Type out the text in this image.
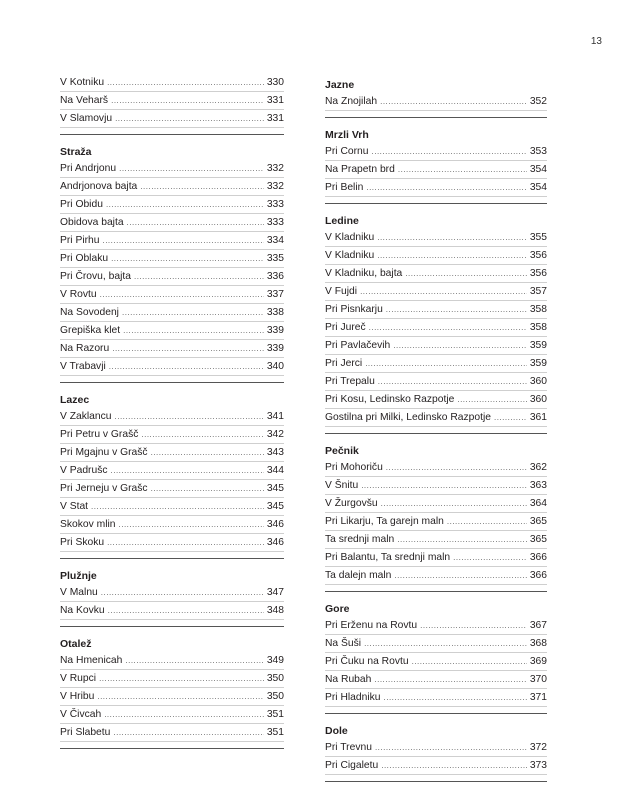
13
V Kotniku .....	330
Na Veharš .....	331
V Slamovju .....	331
Straža
Pri Andrjonu .....	332
Andrjonova bajta .....	332
Pri Obidu .....	333
Obidova bajta .....	333
Pri Pirhu .....	334
Pri Oblaku .....	335
Pri Črovu, bajta .....	336
V Rovtu .....	337
Na Sovodenj .....	338
Grepiška klet .....	339
Na Razoru .....	339
V Trabavji .....	340
Lazec
V Zaklancu .....	341
Pri Petru v Grašč .....	342
Pri Mgajnu v Grašč .....	343
V Padrušc .....	344
Pri Jerneju v Grašc .....	345
V Stat .....	345
Skokov mlin .....	346
Pri Skoku .....	346
Plužnje
V Malnu .....	347
Na Kovku .....	348
Otalež
Na Hmenicah .....	349
V Rupci .....	350
V Hribu .....	350
V Čivcah .....	351
Pri Slabetu .....	351
Jazne
Na Znojilah .....	352
Mrzli Vrh
Pri Cornu .....	353
Na Prapetn brd .....	354
Pri Belin .....	354
Ledine
V Kladniku .....	355
V Kladniku .....	356
V Kladniku, bajta .....	356
V Fujdi .....	357
Pri Pisnkarju .....	358
Pri Jureč .....	358
Pri Pavlačevih .....	359
Pri Jerci .....	359
Pri Trepalu .....	360
Pri Kosu, Ledinsko Razpotje .....	360
Gostilna pri Milki, Ledinsko Razpotje .....	361
Pečnik
Pri Mohoriču .....	362
V Šnitu .....	363
V Žurgovšu .....	364
Pri Likarju, Ta garejn maln .....	365
Ta srednji maln .....	365
Pri Balantu, Ta srednji maln .....	366
Ta dalejn maln .....	366
Gore
Pri Erženu na Rovtu .....	367
Na Šuši .....	368
Pri Čuku na Rovtu .....	369
Na Rubah .....	370
Pri Hladniku .....	371
Dole
Pri Trevnu .....	372
Pri Cigaletu .....	373
